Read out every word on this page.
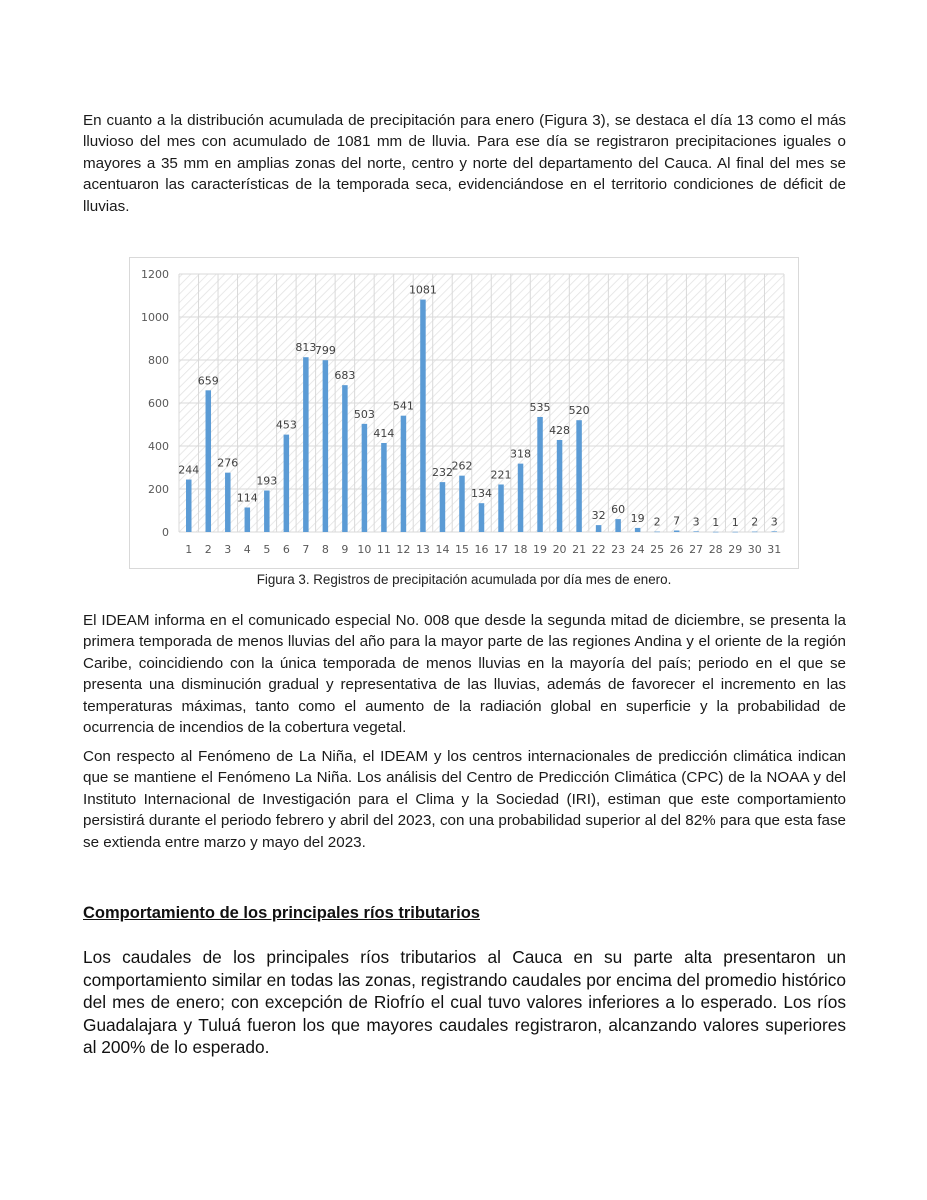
En cuanto a la distribución acumulada de precipitación para enero (Figura 3), se destaca el día 13 como el más lluvioso del mes con acumulado de 1081 mm de lluvia. Para ese día se registraron precipitaciones iguales o mayores a 35 mm en amplias zonas del norte, centro y norte del departamento del Cauca. Al final del mes se acentuaron las características de la temporada seca, evidenciándose en el territorio condiciones de déficit de lluvias.

244
659
276
114
193
453
813
799
683
503
414
541
1081
232
262
134
221
318
535
428
520
32 60
19 2 7 3 1 1 2 3
0
200
400
600
800
1000
1200
1 2 3 4 5 6 7 8 9 10 11 12 13 14 15 16 17 18 19 20 21 22 23 24 25 26 27 28 29 30 31

Figura 3. Registros de precipitación acumulada por día mes de enero.

El IDEAM informa en el comunicado especial No. 008 que desde la segunda mitad de diciembre, se presenta la primera temporada de menos lluvias del año para la mayor parte de las regiones Andina y el oriente de la región Caribe, coincidiendo con la única temporada de menos lluvias en la mayoría del país; periodo en el que se presenta una disminución gradual y representativa de las lluvias, además de favorecer el incremento en las temperaturas máximas, tanto como el aumento de la radiación global en superficie y la probabilidad de ocurrencia de incendios de la cobertura vegetal.

Con respecto al Fenómeno de La Niña, el IDEAM y los centros internacionales de predicción climática indican que se mantiene el Fenómeno La Niña. Los análisis del Centro de Predicción Climática (CPC) de la NOAA y del Instituto Internacional de Investigación para el Clima y la Sociedad (IRI), estiman que este comportamiento persistirá durante el periodo febrero y abril del 2023, con una probabilidad superior al del 82% para que esta fase se extienda entre marzo y mayo del 2023.

Comportamiento de los principales ríos tributarios

Los caudales de los principales ríos tributarios al Cauca en su parte alta presentaron un comportamiento similar en todas las zonas, registrando caudales por encima del promedio histórico del mes de enero; con excepción de Riofrío el cual tuvo valores inferiores a lo esperado. Los ríos Guadalajara y Tuluá fueron los que mayores caudales registraron, alcanzando valores superiores al 200% de lo esperado.
